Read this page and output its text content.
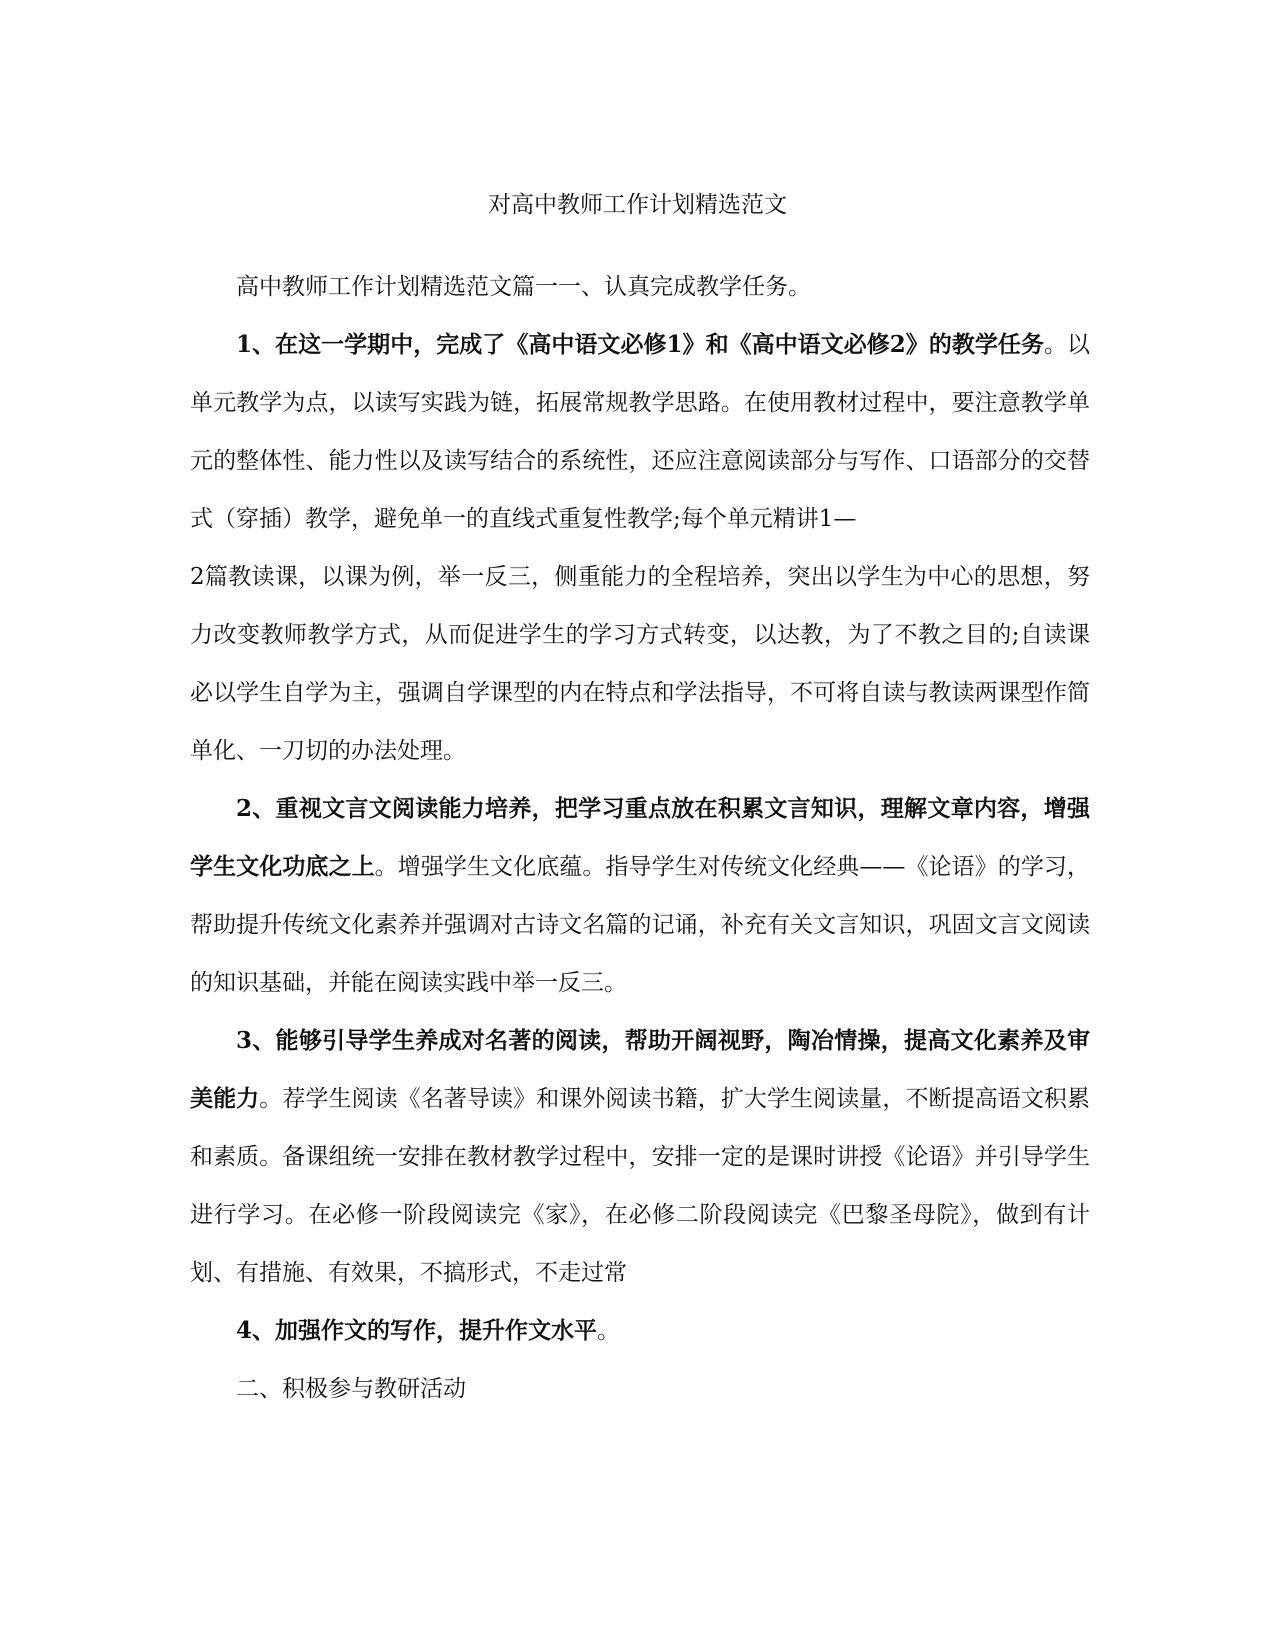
对高中教师工作计划精选范文

高中教师工作计划精选范文篇一一、认真完成教学任务。

1、在这一学期中，完成了《高中语文必修1》和《高中语文必修2》的教学任务。以单元教学为点，以读写实践为链，拓展常规教学思路。在使用教材过程中，要注意教学单元的整体性、能力性以及读写结合的系统性，还应注意阅读部分与写作、口语部分的交替式（穿插）教学，避免单一的直线式重复性教学;每个单元精讲1—

2篇教读课，以课为例，举一反三，侧重能力的全程培养，突出以学生为中心的思想，努力改变教师教学方式，从而促进学生的学习方式转变，以达教，为了不教之目的;自读课必以学生自学为主，强调自学课型的内在特点和学法指导，不可将自读与教读两课型作简单化、一刀切的办法处理。

2、重视文言文阅读能力培养，把学习重点放在积累文言知识，理解文章内容，增强学生文化功底之上。增强学生文化底蕴。指导学生对传统文化经典——《论语》的学习，帮助提升传统文化素养并强调对古诗文名篇的记诵，补充有关文言知识，巩固文言文阅读的知识基础，并能在阅读实践中举一反三。

3、能够引导学生养成对名著的阅读，帮助开阔视野，陶冶情操，提高文化素养及审美能力。荐学生阅读《名著导读》和课外阅读书籍，扩大学生阅读量，不断提高语文积累和素质。备课组统一安排在教材教学过程中，安排一定的是课时讲授《论语》并引导学生进行学习。在必修一阶段阅读完《家》，在必修二阶段阅读完《巴黎圣母院》，做到有计划、有措施、有效果，不搞形式，不走过常

4、加强作文的写作，提升作文水平。

二、积极参与教研活动
